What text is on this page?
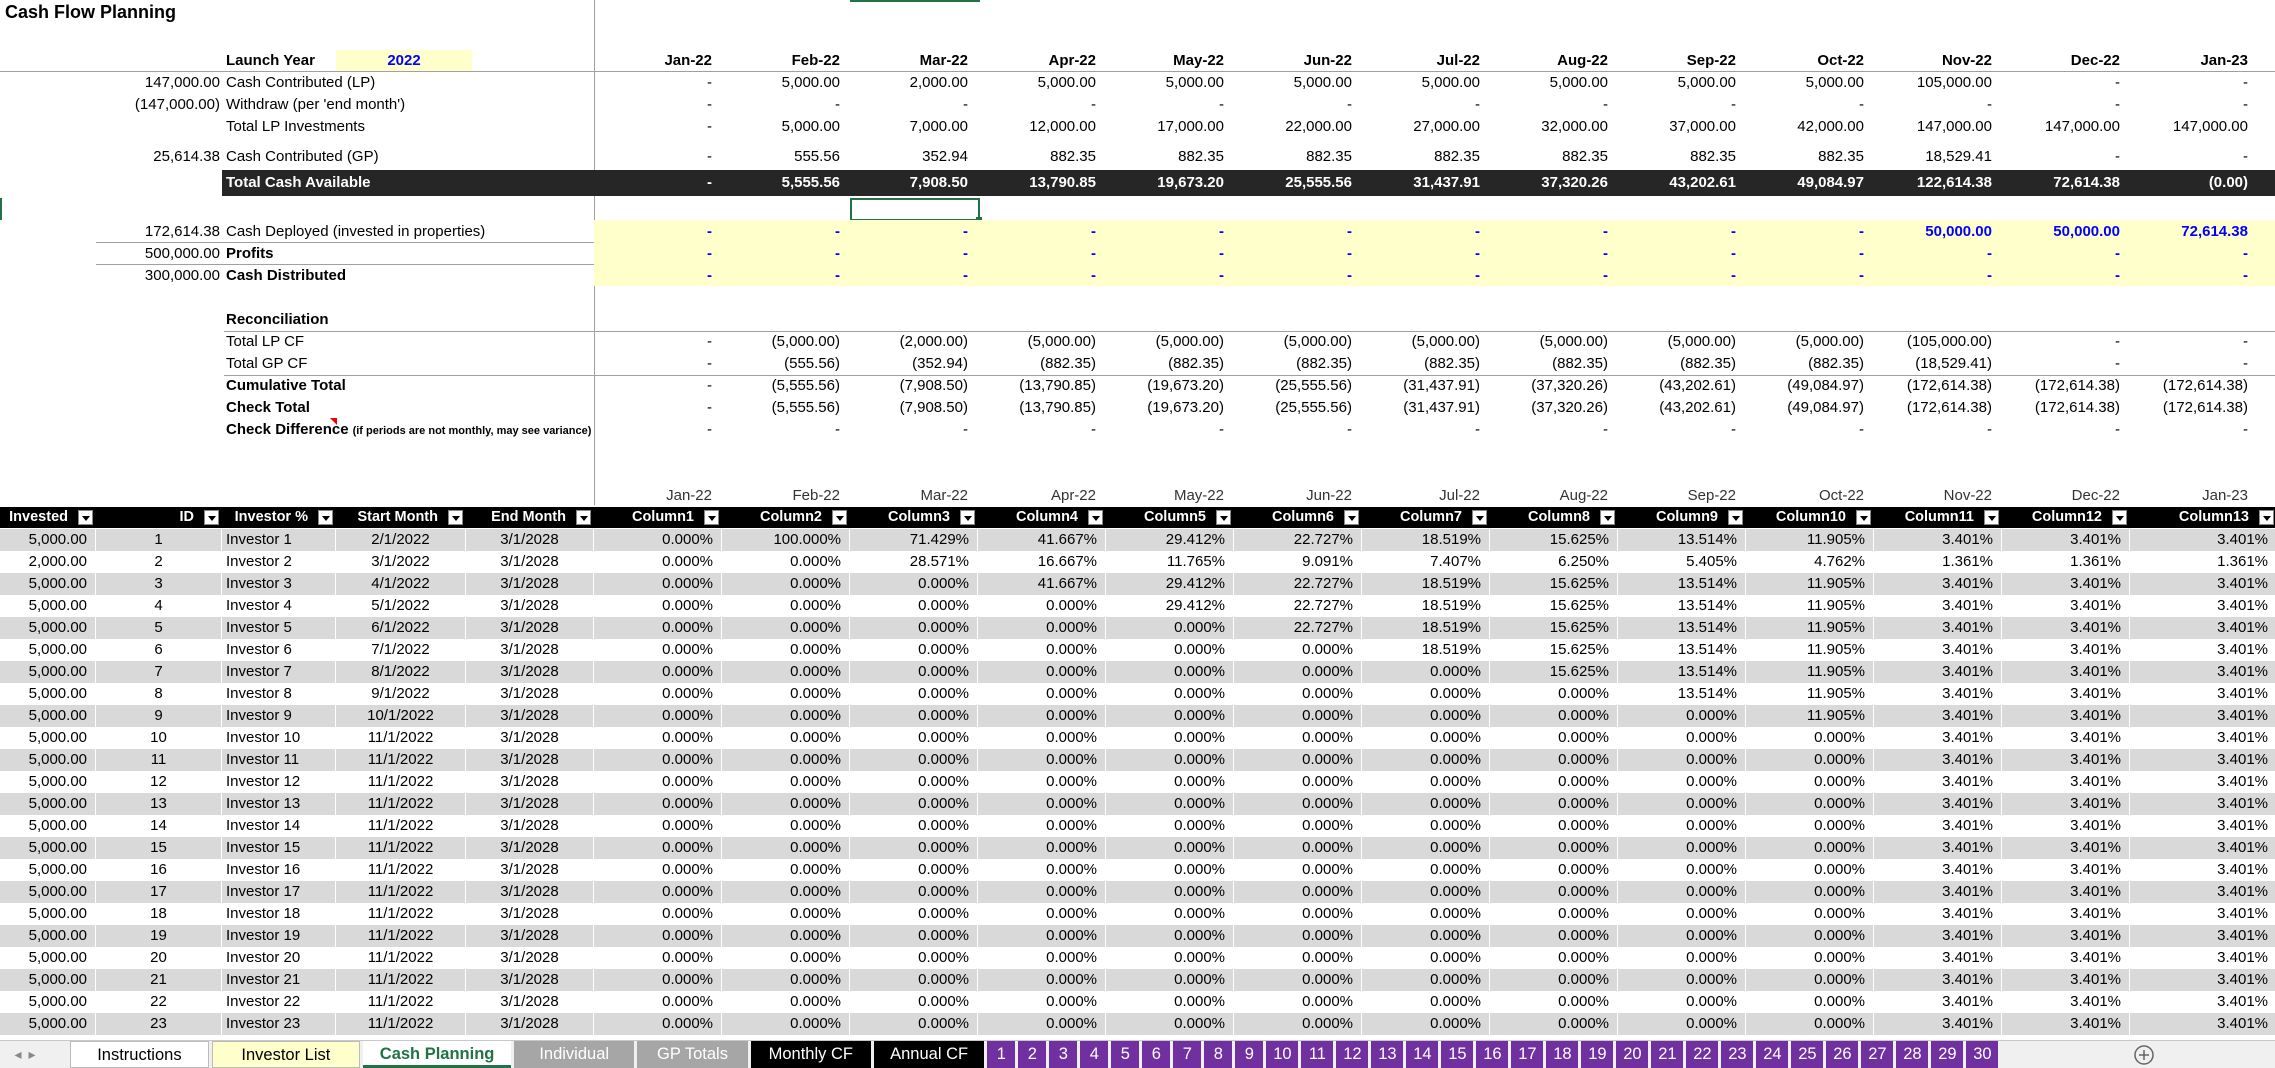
Cash Flow Planning
Launch Year	2022	Jan-22	Feb-22	Mar-22	Apr-22	May-22	Jun-22	Jul-22	Aug-22	Sep-22	Oct-22	Nov-22	Dec-22	Jan-23
147,000.00 Cash Contributed (LP)	-	5,000.00	2,000.00	5,000.00	5,000.00	5,000.00	5,000.00	5,000.00	5,000.00	5,000.00	105,000.00	-	-
(147,000.00) Withdraw (per 'end month')	-	-	-	-	-	-	-	-	-	-	-	-	-
Total LP Investments	-	5,000.00	7,000.00	12,000.00	17,000.00	22,000.00	27,000.00	32,000.00	37,000.00	42,000.00	147,000.00	147,000.00	147,000.00
25,614.38 Cash Contributed (GP)	-	555.56	352.94	882.35	882.35	882.35	882.35	882.35	882.35	882.35	18,529.41	-	-
Total Cash Available	-	5,555.56	7,908.50	13,790.85	19,673.20	25,555.56	31,437.91	37,320.26	43,202.61	49,084.97	122,614.38	72,614.38	(0.00)
172,614.38 Cash Deployed (invested in properties)	-	-	-	-	-	-	-	-	-	-	50,000.00	50,000.00	72,614.38
500,000.00 Profits	-	-	-	-	-	-	-	-	-	-	-	-	-
300,000.00 Cash Distributed	-	-	-	-	-	-	-	-	-	-	-	-	-
Reconciliation
Total LP CF	-	(5,000.00)	(2,000.00)	(5,000.00)	(5,000.00)	(5,000.00)	(5,000.00)	(5,000.00)	(5,000.00)	(5,000.00)	(105,000.00)	-	-
Total GP CF	-	(555.56)	(352.94)	(882.35)	(882.35)	(882.35)	(882.35)	(882.35)	(882.35)	(882.35)	(18,529.41)	-	-
Cumulative Total	-	(5,555.56)	(7,908.50)	(13,790.85)	(19,673.20)	(25,555.56)	(31,437.91)	(37,320.26)	(43,202.61)	(49,084.97)	(172,614.38)	(172,614.38)	(172,614.38)
Check Total	-	(5,555.56)	(7,908.50)	(13,790.85)	(19,673.20)	(25,555.56)	(31,437.91)	(37,320.26)	(43,202.61)	(49,084.97)	(172,614.38)	(172,614.38)	(172,614.38)
Check Difference (if periods are not monthly, may see variance)	-	-	-	-	-	-	-	-	-	-	-	-	-
Jan-22	Feb-22	Mar-22	Apr-22	May-22	Jun-22	Jul-22	Aug-22	Sep-22	Oct-22	Nov-22	Dec-22	Jan-23
Invested	ID	Investor %	Start Month	End Month	Column1	Column2	Column3	Column4	Column5	Column6	Column7	Column8	Column9	Column10	Column11	Column12	Column13
5,000.00	1	Investor 1	2/1/2022	3/1/2028	0.000%	100.000%	71.429%	41.667%	29.412%	22.727%	18.519%	15.625%	13.514%	11.905%	3.401%	3.401%	3.401%
2,000.00	2	Investor 2	3/1/2022	3/1/2028	0.000%	0.000%	28.571%	16.667%	11.765%	9.091%	7.407%	6.250%	5.405%	4.762%	1.361%	1.361%	1.361%
5,000.00	3	Investor 3	4/1/2022	3/1/2028	0.000%	0.000%	0.000%	41.667%	29.412%	22.727%	18.519%	15.625%	13.514%	11.905%	3.401%	3.401%	3.401%
5,000.00	4	Investor 4	5/1/2022	3/1/2028	0.000%	0.000%	0.000%	0.000%	29.412%	22.727%	18.519%	15.625%	13.514%	11.905%	3.401%	3.401%	3.401%
5,000.00	5	Investor 5	6/1/2022	3/1/2028	0.000%	0.000%	0.000%	0.000%	0.000%	22.727%	18.519%	15.625%	13.514%	11.905%	3.401%	3.401%	3.401%
5,000.00	6	Investor 6	7/1/2022	3/1/2028	0.000%	0.000%	0.000%	0.000%	0.000%	0.000%	18.519%	15.625%	13.514%	11.905%	3.401%	3.401%	3.401%
5,000.00	7	Investor 7	8/1/2022	3/1/2028	0.000%	0.000%	0.000%	0.000%	0.000%	0.000%	0.000%	15.625%	13.514%	11.905%	3.401%	3.401%	3.401%
5,000.00	8	Investor 8	9/1/2022	3/1/2028	0.000%	0.000%	0.000%	0.000%	0.000%	0.000%	0.000%	0.000%	13.514%	11.905%	3.401%	3.401%	3.401%
5,000.00	9	Investor 9	10/1/2022	3/1/2028	0.000%	0.000%	0.000%	0.000%	0.000%	0.000%	0.000%	0.000%	0.000%	11.905%	3.401%	3.401%	3.401%
5,000.00	10	Investor 10	11/1/2022	3/1/2028	0.000%	0.000%	0.000%	0.000%	0.000%	0.000%	0.000%	0.000%	0.000%	0.000%	3.401%	3.401%	3.401%
5,000.00	11	Investor 11	11/1/2022	3/1/2028	0.000%	0.000%	0.000%	0.000%	0.000%	0.000%	0.000%	0.000%	0.000%	0.000%	3.401%	3.401%	3.401%
5,000.00	12	Investor 12	11/1/2022	3/1/2028	0.000%	0.000%	0.000%	0.000%	0.000%	0.000%	0.000%	0.000%	0.000%	0.000%	3.401%	3.401%	3.401%
5,000.00	13	Investor 13	11/1/2022	3/1/2028	0.000%	0.000%	0.000%	0.000%	0.000%	0.000%	0.000%	0.000%	0.000%	0.000%	3.401%	3.401%	3.401%
5,000.00	14	Investor 14	11/1/2022	3/1/2028	0.000%	0.000%	0.000%	0.000%	0.000%	0.000%	0.000%	0.000%	0.000%	0.000%	3.401%	3.401%	3.401%
5,000.00	15	Investor 15	11/1/2022	3/1/2028	0.000%	0.000%	0.000%	0.000%	0.000%	0.000%	0.000%	0.000%	0.000%	0.000%	3.401%	3.401%	3.401%
5,000.00	16	Investor 16	11/1/2022	3/1/2028	0.000%	0.000%	0.000%	0.000%	0.000%	0.000%	0.000%	0.000%	0.000%	0.000%	3.401%	3.401%	3.401%
5,000.00	17	Investor 17	11/1/2022	3/1/2028	0.000%	0.000%	0.000%	0.000%	0.000%	0.000%	0.000%	0.000%	0.000%	0.000%	3.401%	3.401%	3.401%
5,000.00	18	Investor 18	11/1/2022	3/1/2028	0.000%	0.000%	0.000%	0.000%	0.000%	0.000%	0.000%	0.000%	0.000%	0.000%	3.401%	3.401%	3.401%
5,000.00	19	Investor 19	11/1/2022	3/1/2028	0.000%	0.000%	0.000%	0.000%	0.000%	0.000%	0.000%	0.000%	0.000%	0.000%	3.401%	3.401%	3.401%
5,000.00	20	Investor 20	11/1/2022	3/1/2028	0.000%	0.000%	0.000%	0.000%	0.000%	0.000%	0.000%	0.000%	0.000%	0.000%	3.401%	3.401%	3.401%
5,000.00	21	Investor 21	11/1/2022	3/1/2028	0.000%	0.000%	0.000%	0.000%	0.000%	0.000%	0.000%	0.000%	0.000%	0.000%	3.401%	3.401%	3.401%
5,000.00	22	Investor 22	11/1/2022	3/1/2028	0.000%	0.000%	0.000%	0.000%	0.000%	0.000%	0.000%	0.000%	0.000%	0.000%	3.401%	3.401%	3.401%
5,000.00	23	Investor 23	11/1/2022	3/1/2028	0.000%	0.000%	0.000%	0.000%	0.000%	0.000%	0.000%	0.000%	0.000%	0.000%	3.401%	3.401%	3.401%
◂ ▸	Instructions	Investor List	Cash Planning	Individual	GP Totals	Monthly CF	Annual CF	1	2	3	4	5	6	7	8	9	10	11	12	13	14	15	16	17	18	19	20	21	22	23	24	25	26	27	28	29	30
